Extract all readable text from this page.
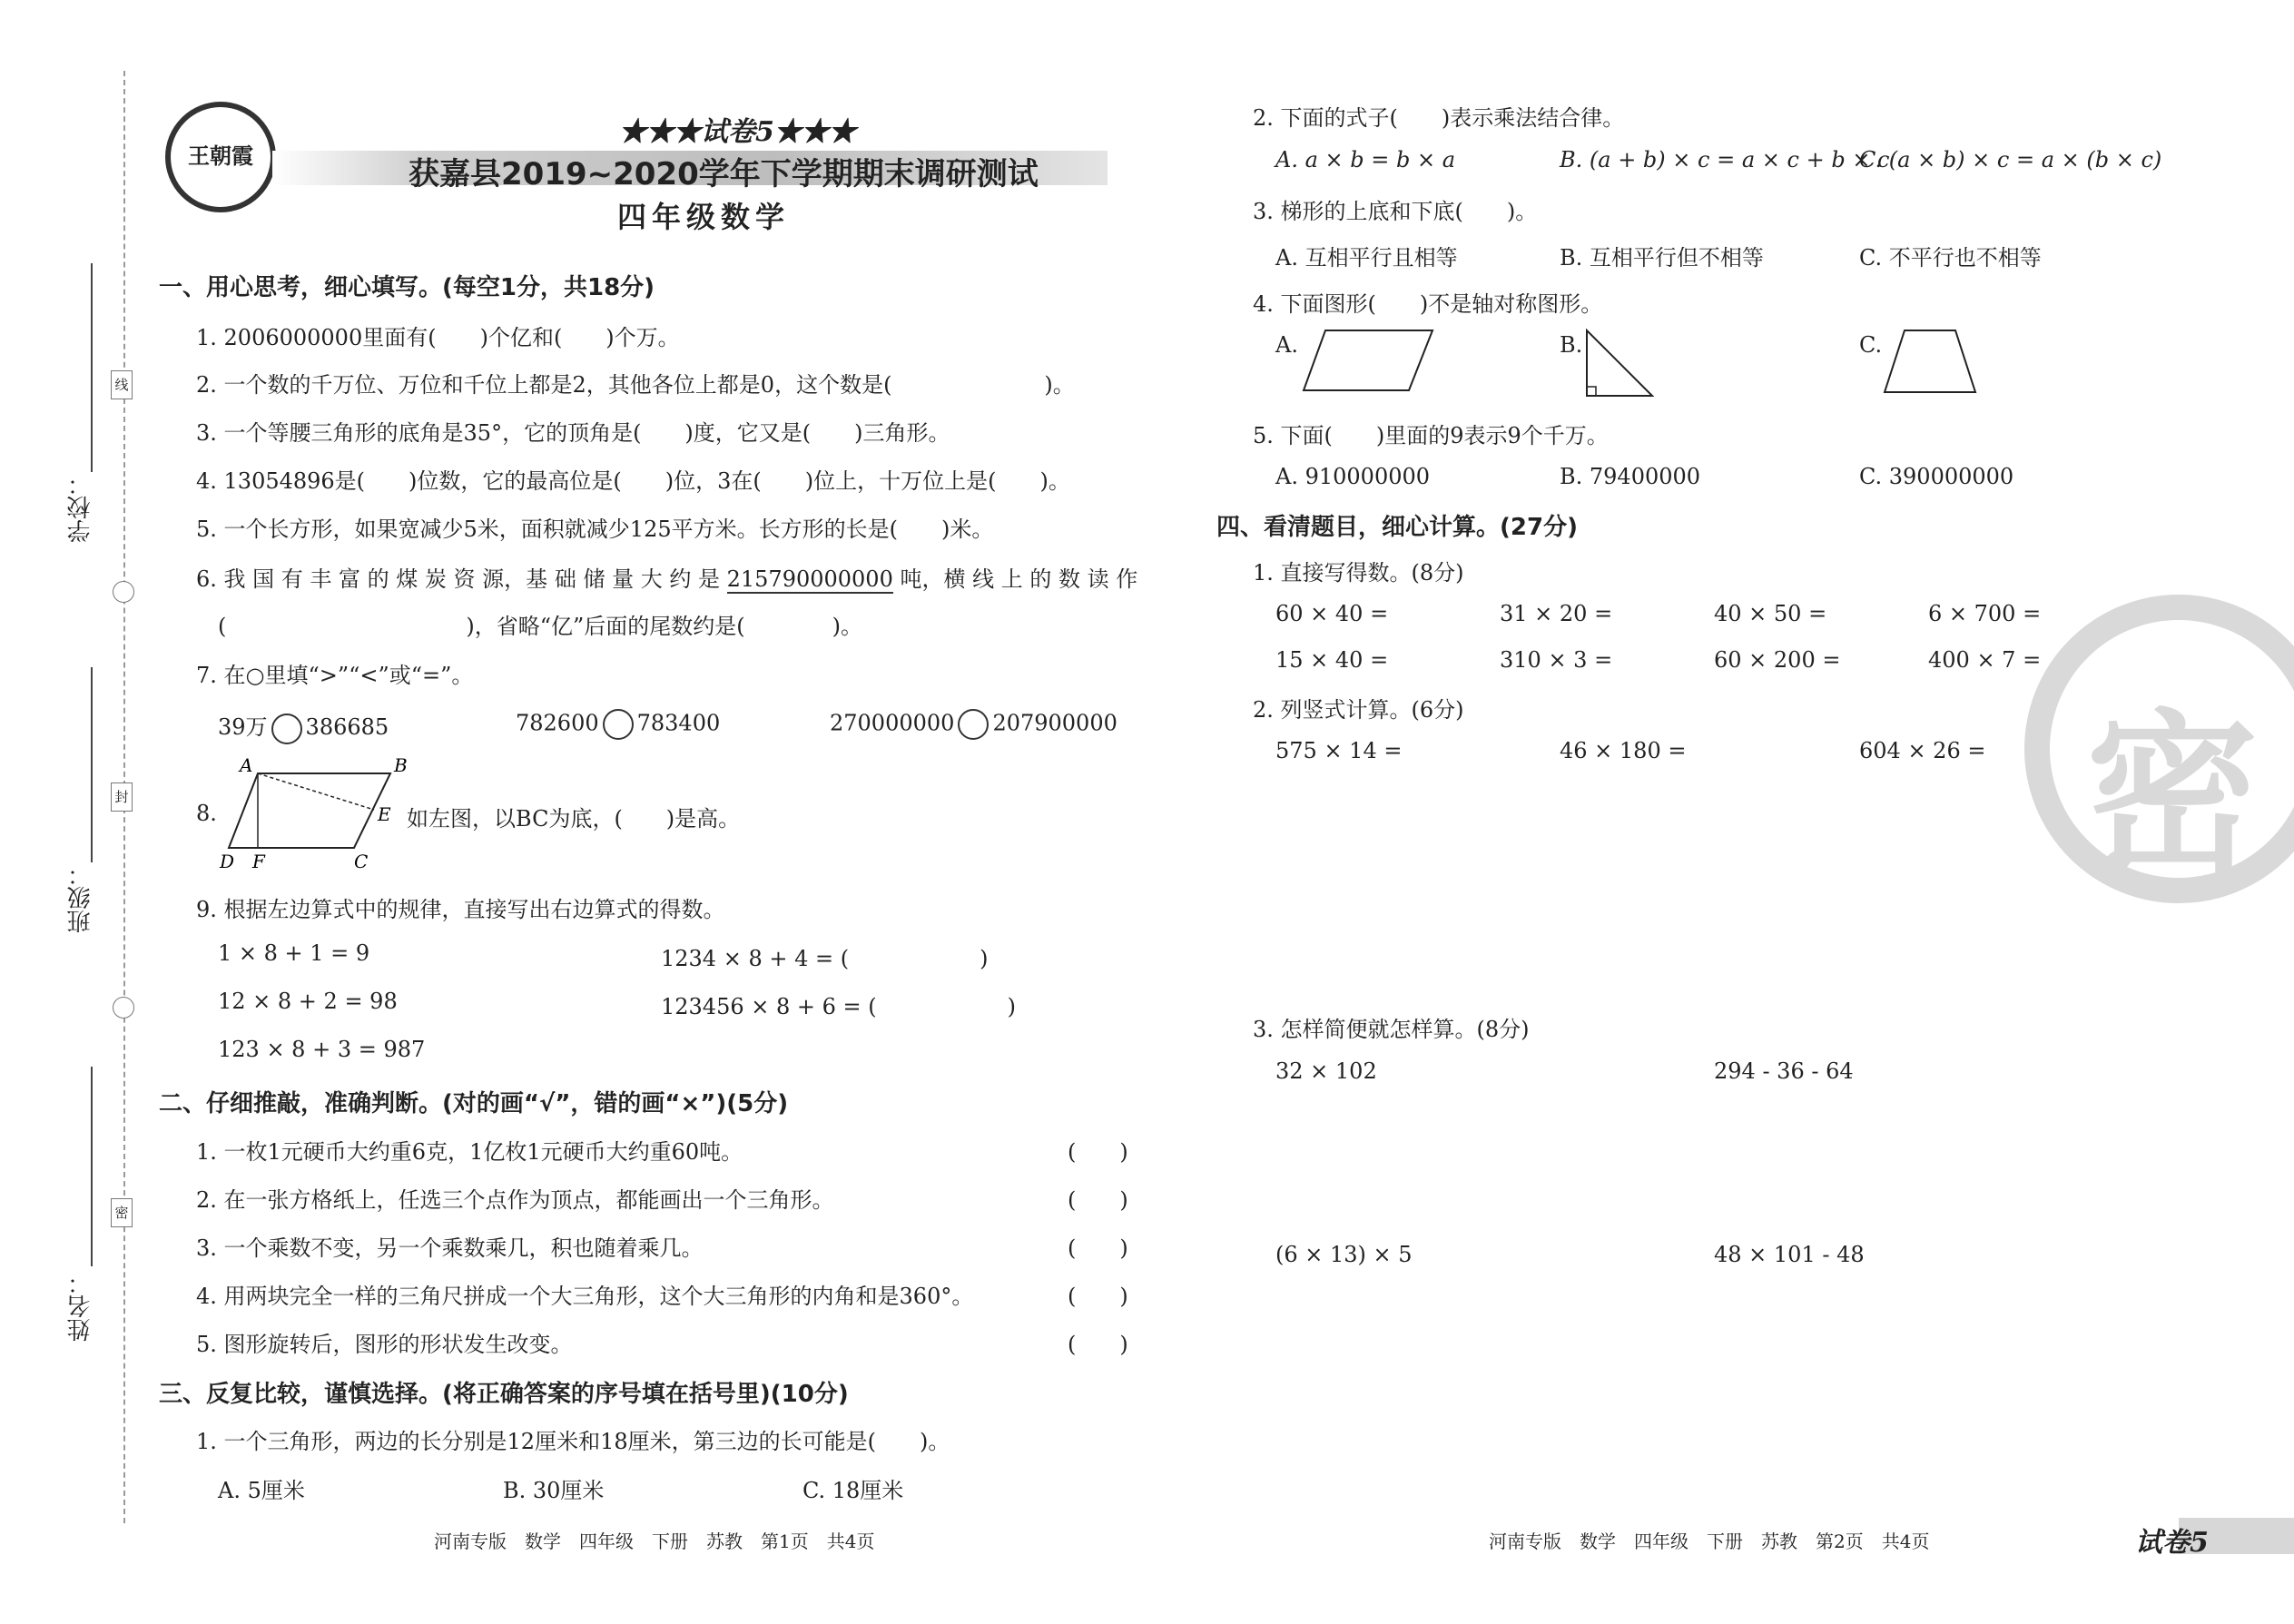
学校：
班级：
姓名：
线
封
密
王朝霞
★★★试卷5★★★
获嘉县2019~2020学年下学期期末调研测试
四年级数学
一、用心思考，细心填写。(每空1分，共18分)
1. 2006000000里面有(　　)个亿和(　　)个万。
2. 一个数的千万位、万位和千位上都是2，其他各位上都是0，这个数是(　　　　　　　)。
3. 一个等腰三角形的底角是35°，它的顶角是(　　)度，它又是(　　)三角形。
4. 13054896是(　　)位数，它的最高位是(　　)位，3在(　　)位上，十万位上是(　　)。
5. 一个长方形，如果宽减少5米，面积就减少125平方米。长方形的长是(　　)米。
6. 我 国 有 丰 富 的 煤 炭 资 源，基 础 储 量 大 约 是 215790000000 吨，横 线 上 的 数 读 作
(　　　　　　　　　　　)，省略“亿”后面的尾数约是(　　　　)。
7. 在○里填“>”“<”或“=”。
39万 386685	782600 783400	270000000 207900000
8.
A	B
C
D
E
F
如左图，以BC为底，(　　)是高。
9. 根据左边算式中的规律，直接写出右边算式的得数。
1 × 8 + 1 = 9
12 × 8 + 2 = 98
123 × 8 + 3 = 987
1234 × 8 + 4 = (　　　　　　)
123456 × 8 + 6 = (　　　　　　)
二、仔细推敲，准确判断。(对的画“√”，错的画“×”)(5分)
1. 一枚1元硬币大约重6克，1亿枚1元硬币大约重60吨。	(　　)
2. 在一张方格纸上，任选三个点作为顶点，都能画出一个三角形。	(　　)
3. 一个乘数不变，另一个乘数乘几，积也随着乘几。	(　　)
4. 用两块完全一样的三角尺拼成一个大三角形，这个大三角形的内角和是360°。	(　　)
5. 图形旋转后，图形的形状发生改变。	(　　)
三、反复比较，谨慎选择。(将正确答案的序号填在括号里)(10分)
1. 一个三角形，两边的长分别是12厘米和18厘米，第三边的长可能是(　　)。
A. 5厘米	B. 30厘米	C. 18厘米
2. 下面的式子(　　)表示乘法结合律。
A. a × b = b × a	B. (a + b) × c = a × c + b × c
C. (a × b) × c = a × (b × c)
3. 梯形的上底和下底(　　)。
A. 互相平行且相等	B. 互相平行但不相等	C. 不平行也不相等
4. 下面图形(　　)不是轴对称图形。
A.	B.	C.
5. 下面(　　)里面的9表示9个千万。
A. 910000000	B. 79400000	C. 390000000
四、看清题目，细心计算。(27分)
1. 直接写得数。(8分)
60 × 40 =	31 × 20 =	40 × 50 =	6 × 700 =
15 × 40 =	310 × 3 =	60 × 200 =	400 × 7 =
2. 列竖式计算。(6分)
575 × 14 =	46 × 180 =	604 × 26 =
3. 怎样简便就怎样算。(8分)
32 × 102	294 - 36 - 64
(6 × 13) × 5	48 × 101 - 48
密
河南专版　数学　四年级　下册　苏教　第1页　共4页	河南专版　数学　四年级　下册　苏教　第2页　共4页	试卷5
